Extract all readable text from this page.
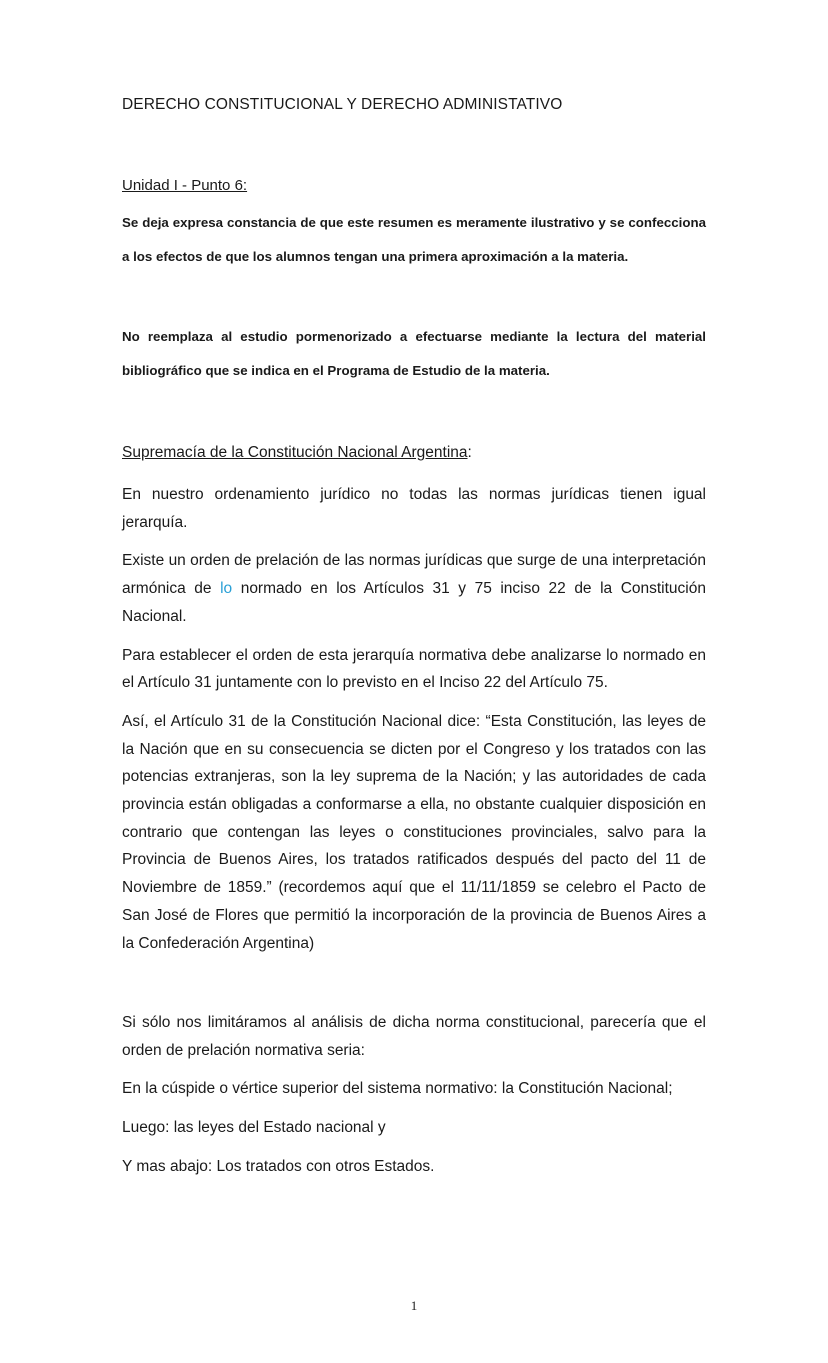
DERECHO CONSTITUCIONAL Y DERECHO ADMINISTATIVO
Unidad I - Punto 6:

Se deja expresa constancia de que este resumen es meramente ilustrativo y se confecciona a los efectos de que los alumnos tengan una primera aproximación a la materia.

No reemplaza al estudio pormenorizado a efectuarse mediante la lectura del material bibliográfico que se indica en el Programa de Estudio de la materia.

Supremacía de la Constitución Nacional Argentina:

En nuestro ordenamiento jurídico no todas las normas jurídicas tienen igual jerarquía.

Existe un orden de prelación de las normas jurídicas que surge de una interpretación armónica de lo normado en los Artículos 31 y 75 inciso 22 de la Constitución Nacional.

Para establecer el orden de esta jerarquía normativa debe analizarse lo normado en el Artículo 31 juntamente con lo previsto en el Inciso 22 del Artículo 75.

Así, el Artículo 31 de la Constitución Nacional dice: “Esta Constitución, las leyes de la Nación que en su consecuencia se dicten por el Congreso y los tratados con las potencias extranjeras, son la ley suprema de la Nación; y las autoridades de cada provincia están obligadas a conformarse a ella, no obstante cualquier disposición en contrario que contengan las leyes o constituciones provinciales, salvo para la Provincia de Buenos Aires, los tratados ratificados después del pacto del 11 de Noviembre de 1859.” (recordemos aquí que el 11/11/1859 se celebro el Pacto de San José de Flores que permitió la incorporación de la provincia de Buenos Aires a la Confederación Argentina)

Si sólo nos limitáramos al análisis de dicha norma constitucional, parecería que el orden de prelación normativa seria:

En la cúspide o vértice superior del sistema normativo: la Constitución Nacional;

Luego: las leyes del Estado nacional y

Y mas abajo: Los tratados con otros Estados.

1
